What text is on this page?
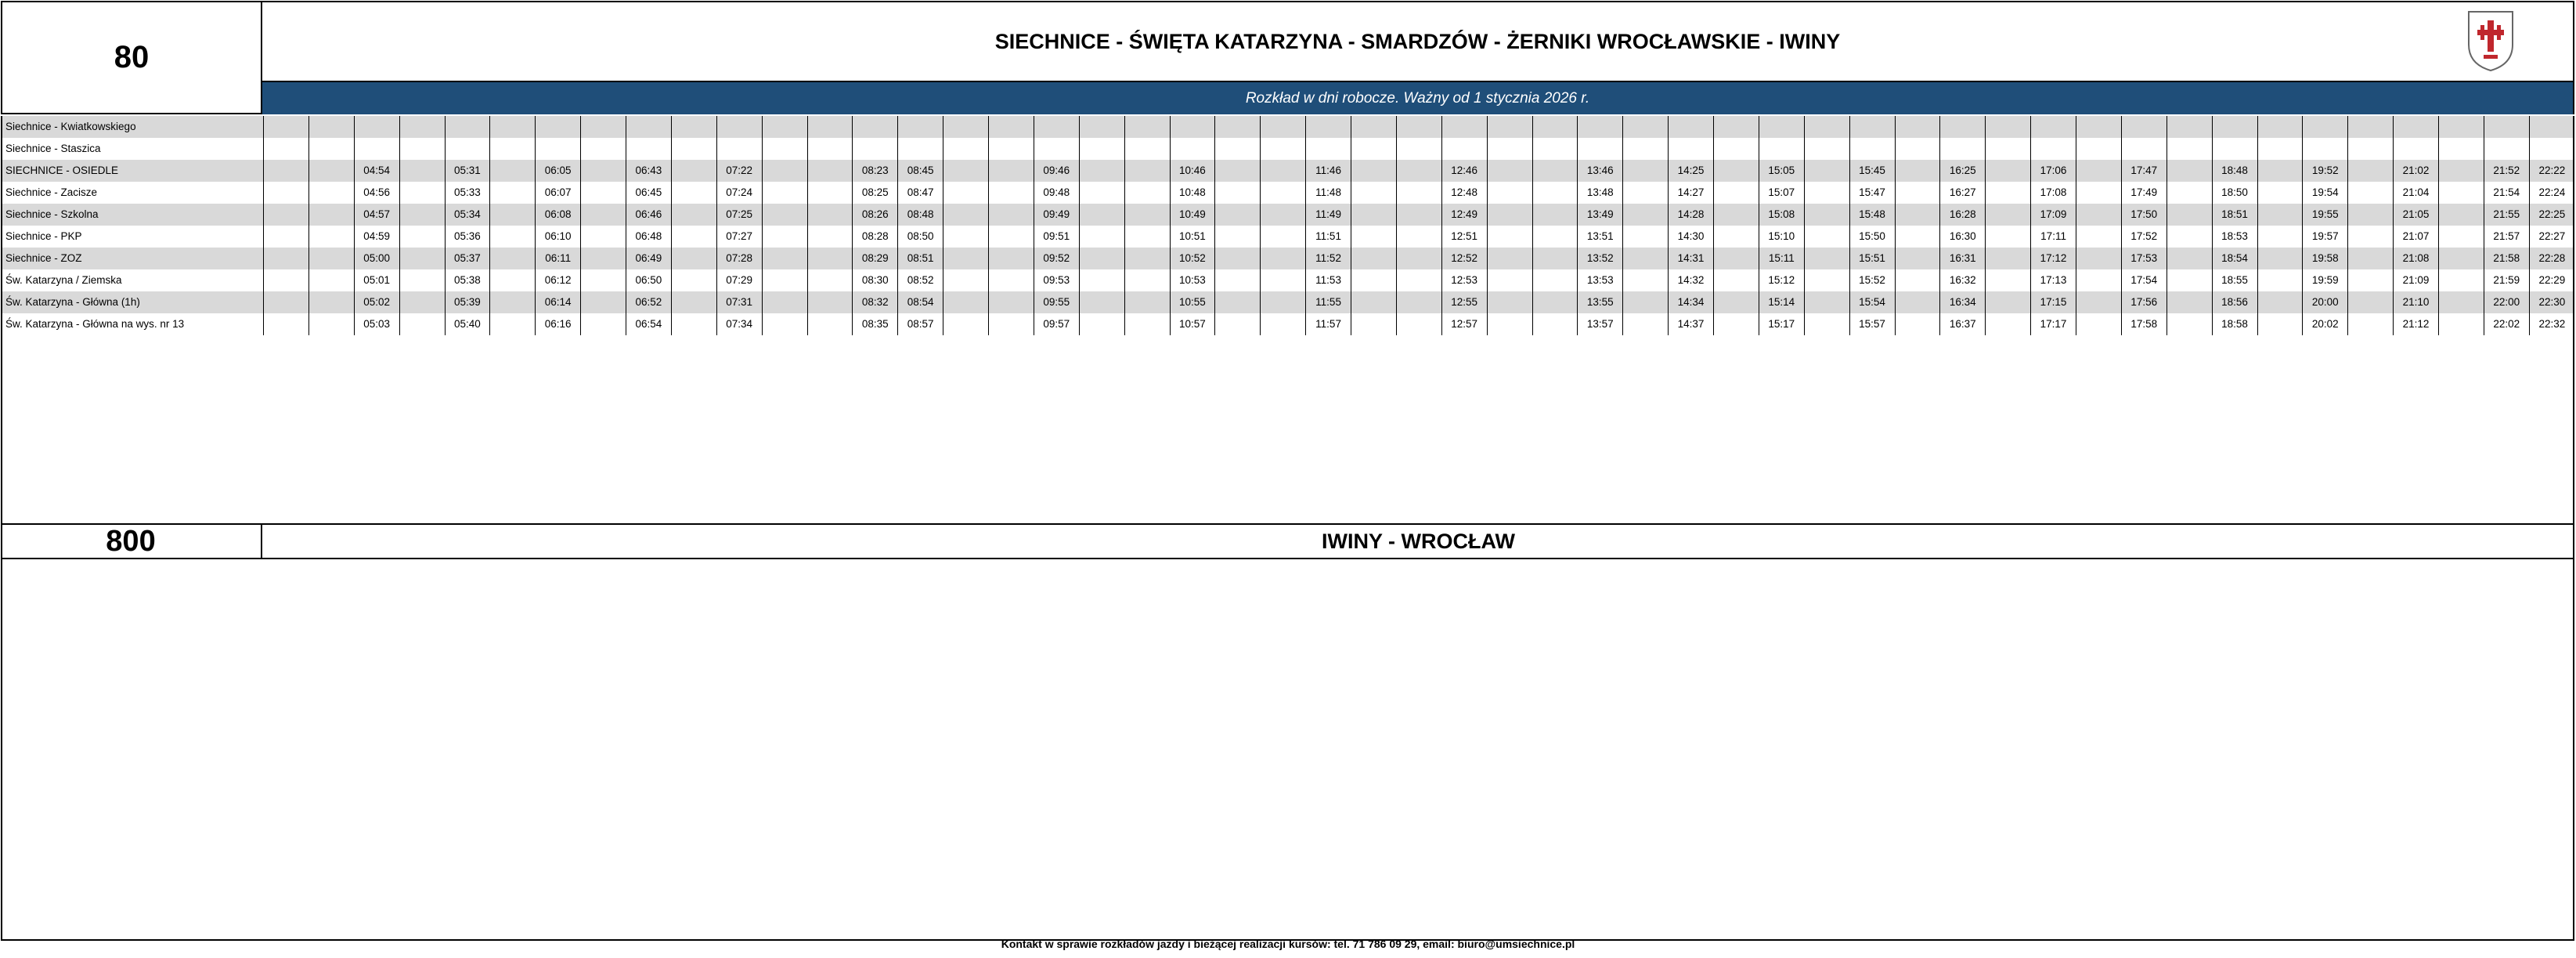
80	SIECHNICE - ŚWIĘTA KATARZYNA - SMARDZÓW - ŻERNIKI WROCŁAWSKIE - IWINY
Rozkład w dni robocze. Ważny od 1 stycznia 2026 r.
Siechnice - Kwiatkowskiego																																																			
Siechnice - Staszica																																																			
SIECHNICE - OSIEDLE			04:54		05:31		06:05		06:43		07:22			08:23	08:45			09:46			10:46			11:46			12:46			13:46		14:25		15:05		15:45		16:25		17:06		17:47		18:48		19:52		21:02		21:52	22:22
Siechnice - Zacisze			04:56		05:33		06:07		06:45		07:24			08:25	08:47			09:48			10:48			11:48			12:48			13:48		14:27		15:07		15:47		16:27		17:08		17:49		18:50		19:54		21:04		21:54	22:24
Siechnice - Szkolna			04:57		05:34		06:08		06:46		07:25			08:26	08:48			09:49			10:49			11:49			12:49			13:49		14:28		15:08		15:48		16:28		17:09		17:50		18:51		19:55		21:05		21:55	22:25
Siechnice - PKP			04:59		05:36		06:10		06:48		07:27			08:28	08:50			09:51			10:51			11:51			12:51			13:51		14:30		15:10		15:50		16:30		17:11		17:52		18:53		19:57		21:07		21:57	22:27
Siechnice - ZOZ			05:00		05:37		06:11		06:49		07:28			08:29	08:51			09:52			10:52			11:52			12:52			13:52		14:31		15:11		15:51		16:31		17:12		17:53		18:54		19:58		21:08		21:58	22:28
Św. Katarzyna / Ziemska			05:01		05:38		06:12		06:50		07:29			08:30	08:52			09:53			10:53			11:53			12:53			13:53		14:32		15:12		15:52		16:32		17:13		17:54		18:55		19:59		21:09		21:59	22:29
Św. Katarzyna - Główna (1h)			05:02		05:39		06:14		06:52		07:31			08:32	08:54			09:55			10:55			11:55			12:55			13:55		14:34		15:14		15:54		16:34		17:15		17:56		18:56		20:00		21:10		22:00	22:30
Św. Katarzyna - Główna na wys. nr 13			05:03		05:40		06:16		06:54		07:34			08:35	08:57			09:57			10:57			11:57			12:57			13:57		14:37		15:17		15:57		16:37		17:17		17:58		18:58		20:02		21:12		22:02	22:32
800	IWINY - WROCŁAW
Kontakt w sprawie rozkładów jazdy i bieżącej realizacji kursów: tel. 71 786 09 29, email: biuro@umsiechnice.pl
